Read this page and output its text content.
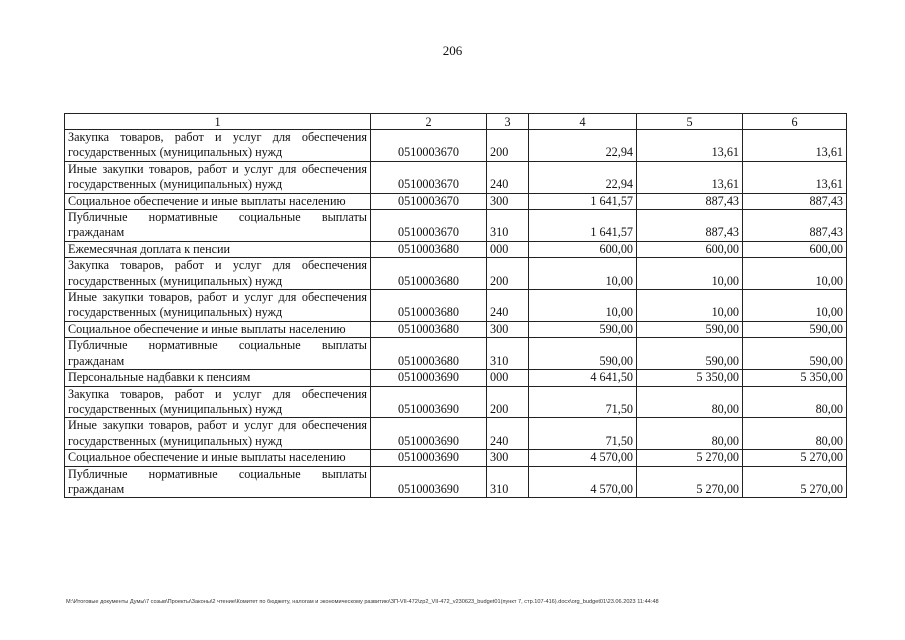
206
1	2	3	4	5	6
Закупка товаров, работ и услуг для обеспечения государственных (муниципальных) нужд	0510003670	200	22,94	13,61	13,61
Иные закупки товаров, работ и услуг для обеспечения государственных (муниципальных) нужд	0510003670	240	22,94	13,61	13,61
Социальное обеспечение и иные выплаты населению	0510003670	300	1 641,57	887,43	887,43
Публичные нормативные социальные выплаты гражданам	0510003670	310	1 641,57	887,43	887,43
Ежемесячная доплата к пенсии	0510003680	000	600,00	600,00	600,00
Закупка товаров, работ и услуг для обеспечения государственных (муниципальных) нужд	0510003680	200	10,00	10,00	10,00
Иные закупки товаров, работ и услуг для обеспечения государственных (муниципальных) нужд	0510003680	240	10,00	10,00	10,00
Социальное обеспечение и иные выплаты населению	0510003680	300	590,00	590,00	590,00
Публичные нормативные социальные выплаты гражданам	0510003680	310	590,00	590,00	590,00
Персональные надбавки к пенсиям	0510003690	000	4 641,50	5 350,00	5 350,00
Закупка товаров, работ и услуг для обеспечения государственных (муниципальных) нужд	0510003690	200	71,50	80,00	80,00
Иные закупки товаров, работ и услуг для обеспечения государственных (муниципальных) нужд	0510003690	240	71,50	80,00	80,00
Социальное обеспечение и иные выплаты населению	0510003690	300	4 570,00	5 270,00	5 270,00
Публичные нормативные социальные выплаты гражданам	0510003690	310	4 570,00	5 270,00	5 270,00
M:\Итоговые документы Думы\7 созыв\Проекты\Законы\2 чтение\Комитет по бюджету, налогам и экономическому развитию\ЗП-VII-472\zp2_VII-472_v230623_budget01(пункт 7, стр.107-416).docx\org_budget01\23.06.2023 11:44:48
